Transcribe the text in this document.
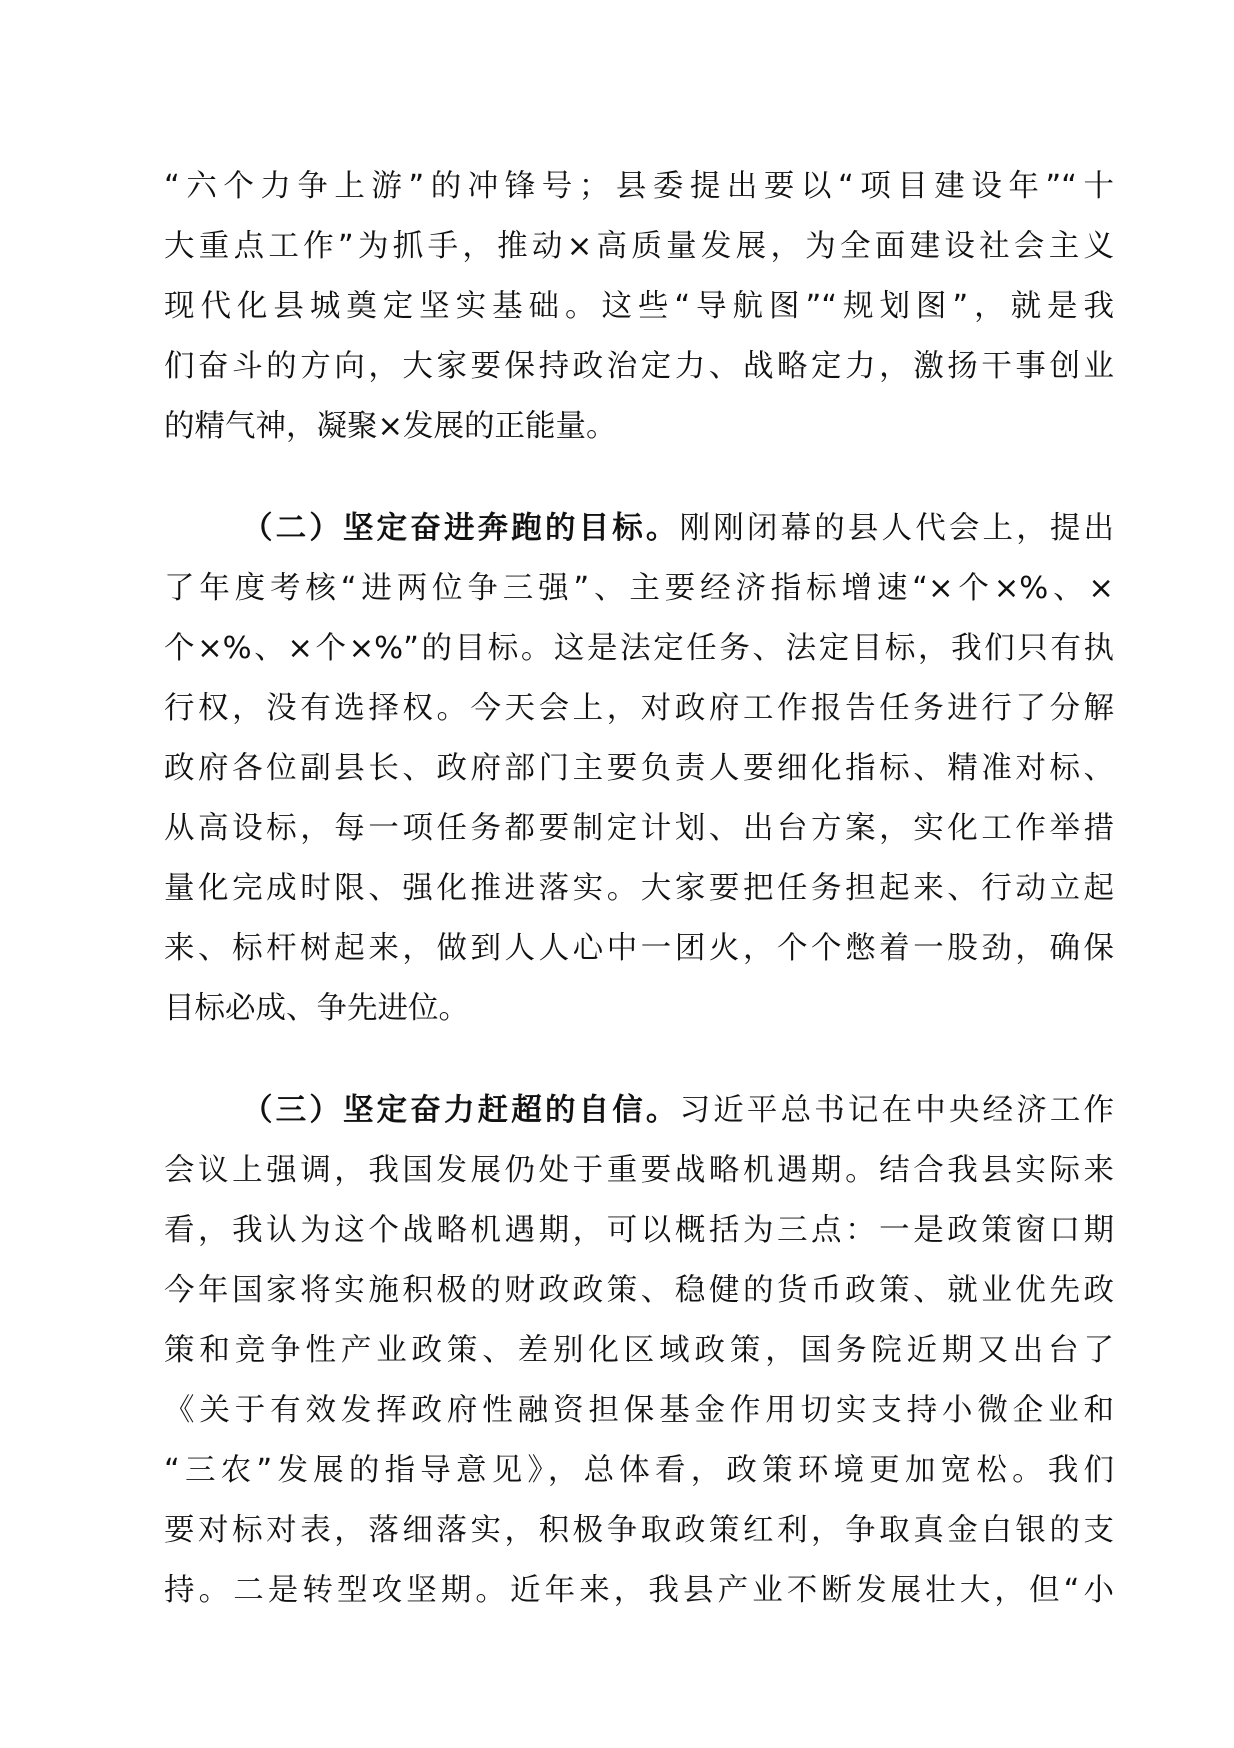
“六个力争上游”的冲锋号；县委提出要以“项目建设年”“十
大重点工作”为抓手，推动×高质量发展，为全面建设社会主义
现代化县城奠定坚实基础。这些“导航图”“规划图”，就是我
们奋斗的方向，大家要保持政治定力、战略定力，激扬干事创业
的精气神，凝聚×发展的正能量。
（二）坚定奋进奔跑的目标。刚刚闭幕的县人代会上，提出
了年度考核“进两位争三强”、主要经济指标增速“×个×%、×
个×%、×个×%”的目标。这是法定任务、法定目标，我们只有执
行权，没有选择权。今天会上，对政府工作报告任务进行了分解
政府各位副县长、政府部门主要负责人要细化指标、精准对标、
从高设标，每一项任务都要制定计划、出台方案，实化工作举措
量化完成时限、强化推进落实。大家要把任务担起来、行动立起
来、标杆树起来，做到人人心中一团火，个个憋着一股劲，确保
目标必成、争先进位。
（三）坚定奋力赶超的自信。习近平总书记在中央经济工作
会议上强调，我国发展仍处于重要战略机遇期。结合我县实际来
看，我认为这个战略机遇期，可以概括为三点：一是政策窗口期
今年国家将实施积极的财政政策、稳健的货币政策、就业优先政
策和竞争性产业政策、差别化区域政策，国务院近期又出台了
《关于有效发挥政府性融资担保基金作用切实支持小微企业和
“三农”发展的指导意见》，总体看，政策环境更加宽松。我们
要对标对表，落细落实，积极争取政策红利，争取真金白银的支
持。二是转型攻坚期。近年来，我县产业不断发展壮大，但“小
